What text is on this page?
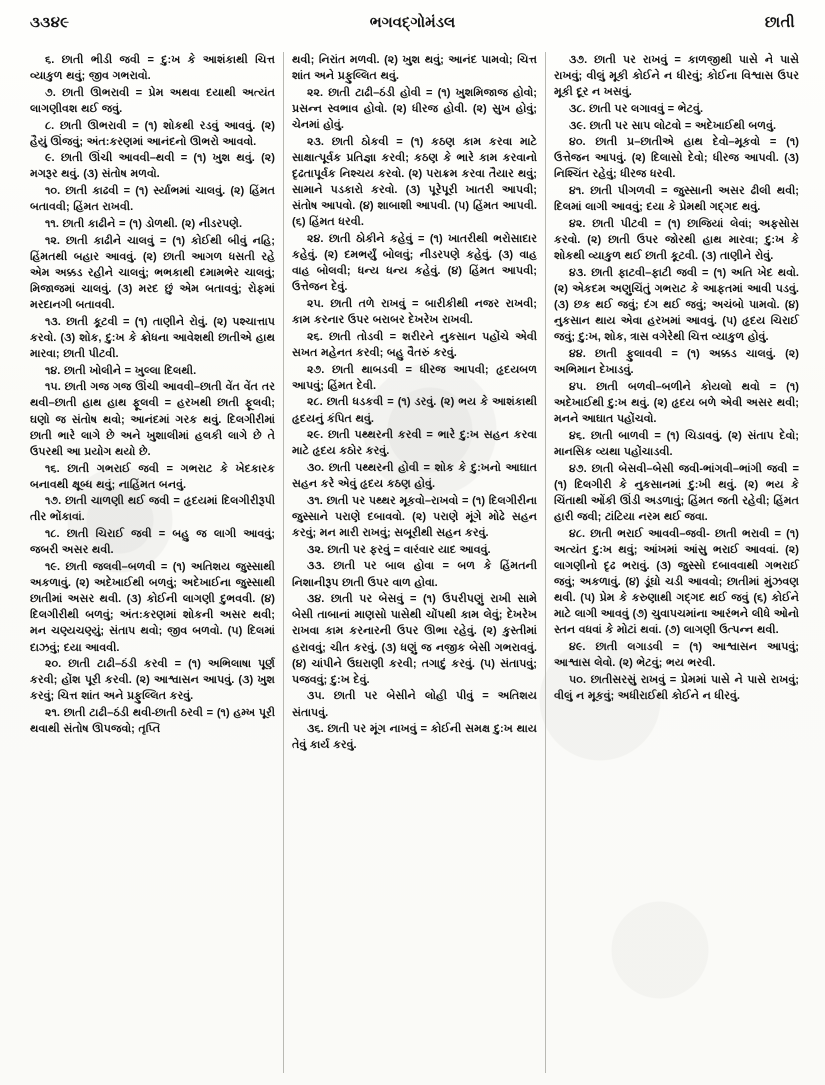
૩૩૪૯	ભગવદ્ગોમંડલ	છાતી

૬. છાતી ભીડી જવી = દુ:ખ કે આશંકાથી ચિત્ત વ્યાકુળ થવું; જીવ ગભરાવો.

૭. છાતી ઊભરાવી = પ્રેમ અથવા દયાથી અત્યંત લાગણીવશ થઈ જવું.

૮. છાતી ઊભરાવી = (૧) શોકથી રડવું આવવું. (૨) હૈયું ઊંજવું; અંત:કરણમાં આનંદનો ઊભરો આવવો.

૯. છાતી ઊંચી આવવી–થવી = (૧) ખુશ થવું. (૨) મગરૂર થવું. (૩) સંતોષ મળવો.

૧૦. છાતી કાઢવી = (૧) ર્સ્યાભમાં ચાલવું. (૨) હિંમત બતાવવી; હિંમત રાખવી.

૧૧. છાતી કાઢીને = (૧) ડોળથી. (૨) નીડરપણે.

૧૨. છાતી કાઢીને ચાલવું = (૧) કોઈથી બીવું નહિ; હિંમતથી બહાર આવવું. (૨) છાતી આગળ ધસતી રહે એમ અક્કડ રહીને ચાલવું; ભભકાથી દમામભેર ચાલવું; મિજાજમાં ચાલવું. (૩) મરદ છું એમ બતાવવું; રોફમાં મરદાનગી બતાવવી.

૧૩. છાતી કૂટવી = (૧) તાણીને રોવું. (૨) પશ્ચાત્તાપ કરવો. (૩) શોક, દુ:ખ કે ક્રોધના આવેશથી છાતીએ હાથ મારવા; છાતી પીટવી.

૧૪. છાતી ખોલીને = ખુલ્લા દિલથી.

૧૫. છાતી ગજ ગજ ઊંચી આવવી–છાતી વેંત વેંત તર થવી–છાતી હાથ હાથ ફૂલવી = હરખથી છાતી ફૂલવી; ઘણો જ સંતોષ થવો; આનંદમાં ગરક થવું. દિલગીરીમાં છાતી ભારે લાગે છે અને ખુશાલીમાં હલકી લાગે છે તે ઉપરથી આ પ્રયોગ થયો છે.

૧૬. છાતી ગભરાઈ જવી = ગભરાટ કે ખેદકારક બનાવથી ક્ષૂબ્ધ થવું; નાહિંમત બનવું.

૧૭. છાતી ચાળણી થઈ જવી = હૃદયમાં દિલગીરીરૂપી તીર ભોંકાવાં.

૧૮. છાતી ચિરાઈ જવી = બહુ જ લાગી આવવું; જબરી અસર થવી.

૧૯. છાતી જલવી–બળવી = (૧) અતિશય જુસ્સાથી અકળાવું. (૨) અદેખાઈથી બળવું; અદેખાઈના જુસ્સાથી છાતીમાં અસર થવી. (૩) કોઈની લાગણી દુભવવી. (૪) દિલગીરીથી બળવું; અંત:કરણમાં શોકની અસર થવી; મન ચણ્યચણ્યું; સંતાપ થવો; જીવ બળવો. (૫) દિલમાં દાઝવું; દયા આવવી.

૨૦. છાતી ટાઢી–ઠંડી કરવી = (૧) અભિલાષા પૂર્ણ કરવી; હોંશ પૂરી કરવી. (૨) આશ્વાસન આપવું. (૩) ખુશ કરવું; ચિત્ત શાંત અને પ્રફુલ્લિત કરવું.

૨૧. છાતી ટાઢી–ઠંડી થવી-છાતી ઠરવી = (૧) હમ્ખ પૂરી થવાથી સંતોષ ઊપજવો; તૃપ્તિ

થવી; નિરાંત મળવી. (૨) ખુશ થવું; આનંદ પામવો; ચિત્ત શાંત અને પ્રફુલ્લિત થવું.

૨૨. છાતી ટાઢી–ઠંડી હોવી = (૧) ખુશમિજાજ હોવો; પ્રસન્ન સ્વભાવ હોવો. (૨) ધીરજ હોવી. (૨) સુખ હોવું; ચેનમાં હોવું.

૨૩. છાતી ઠોકવી = (૧) કઠણ કામ કરવા માટે સાક્ષાત્પૂર્વક પ્રતિજ્ઞા કરવી; કઠણ કે ભારે કામ કરવાનો દૃઢતાપૂર્વક નિશ્ચય કરવો. (૨) પરાક્રમ કરવા તૈયાર થવું; સામાને પડકારો કરવો. (૩) પૂરેપૂરી ખાતરી આપવી; સંતોષ આપવો. (૪) શાબાશી આપવી. (૫) હિંમત આપવી. (૬) હિંમત ધરવી.

૨૪. છાતી ઠોકીને કહેવું = (૧) ખાતરીથી ભરોસાદાર કહેવું. (૨) દમભર્યું બોલવું; નીડરપણે કહેવું. (૩) વાહ વાહ બોલવી; ધન્ય ધન્ય કહેવું. (૪) હિંમત આપવી; ઉત્તેજન દેવું.

૨૫. છાતી તળે રાખવું = બારીકીથી નજર રાખવી; કામ કરનાર ઉપર બરાબર દેખરેખ રાખવી.

૨૬. છાતી તોડવી = શરીરને નુકસાન પહોંચે એવી સખત મહેનત કરવી; બહુ વૈતરું કરવું.

૨૭. છાતી થાબડવી = ધીરજ આપવી; હૃદયબળ આપવું; હિંમત દેવી.

૨૮. છાતી ધડકવી = (૧) ડરવું. (૨) ભય કે આશંકાથી હૃદયનું કંપિત થવું.

૨૯. છાતી પથ્થરની કરવી = ભારે દુ:ખ સહન કરવા માટે હૃદય કઠોર કરવું.

૩૦. છાતી પથ્થરની હોવી = શોક કે દુ:ખનો આઘાત સહન કરે એવું હૃદય કઠણ હોવું.

૩૧. છાતી પર પથ્થર મૂકવો–રાખવો = (૧) દિલગીરીના જુસ્સાને પરાણે દબાવવો. (૨) પરાણે મૂંગે મોઢે સહન કરવું; મન મારી રાખવું; સબૂરીથી સહન કરવું.

૩૨. છાતી પર ફરવું = વારંવાર યાદ આવવું.

૩૩. છાતી પર બાલ હોવા = બળ કે હિંમતની નિશાનીરૂપ છાતી ઉપર વાળ હોવા.

૩૪. છાતી પર બેસવું = (૧) ઉપરીપણું રાખી સામે બેસી તાબાનાં માણસો પાસેથી ચોંપથી કામ લેવું; દેખરેખ રાખવા કામ કરનારની ઉપર ઊભા રહેવું. (૨) કુસ્તીમાં હરાવવું; ચીત કરવું. (૩) ધણું જ નજીક બેસી ગભરાવવું. (૪) ચાંપીને ઉઘરાણી કરવી; તગાદું કરવું. (૫) સંતાપવું; પજવવું; દુ:ખ દેવું.

૩૫. છાતી પર બેસીને લોહી પીવું = અતિશય સંતાપવું.

૩૬. છાતી પર મૂંગ નાખવું = કોઈની સમક્ષ દુ:ખ થાય તેવું કાર્ય કરવું.

૩૭. છાતી પર રાખવું = કાળજીથી પાસે ને પાસે રાખવું; વીલું મૂકી કોઈને ન ધીરવું; કોઈના વિશ્વાસ ઉપર મૂકી દૂર ન ખસવું.

૩૮. છાતી પર લગાવવું = ભેટવું.

૩૯. છાતી પર સાપ લોટવો = અદેખાઈથી બળવું.

૪૦. છાતી પ્ર–છાતીએ હાથ દેવો–મૂકવો = (૧) ઉત્તેજન આપવું. (૨) દિલાસો દેવો; ધીરજ આપવી. (૩) નિશ્ચિંત રહેવું; ધીરજ ધરવી.

૪૧. છાતી પીગળવી = જુસ્સાની અસર ઢીલી થવી; દિલમાં લાગી આવવું; દયા કે પ્રેમથી ગદ્ગદ થવું.

૪૨. છાતી પીટવી = (૧) છાજિયાં લેવાં; અફસોસ કરવો. (૨) છાતી ઉપર જોરથી હાથ મારવા; દુ:ખ કે શોકથી વ્યાકુળ થઈ છાતી કૂટવી. (૩) તાણીને રોવું.

૪૩. છાતી ફાટવી–ફાટી જવી = (૧) અતિ ખેદ થવો. (૨) એકદમ અણુચિંતું ગભરાટ કે આફતમાં આવી પડવું. (૩) છક થઈ જવું; દંગ થઈ જવું; અચંબો પામવો. (૪) નુકસાન થાય એવા હરખમાં આવવું. (૫) હૃદય ચિરાઈ જવું; દુ:ખ, શોક, ત્રાસ વગેરેથી ચિત્ત વ્યાકુળ હોવું.

૪૪. છાતી ફુલાવવી = (૧) અક્કડ ચાલવું. (૨) અભિમાન દેખાડવું.

૪૫. છાતી બળવી–બળીને કોયલો થવો = (૧) અદેખાઈથી દુ:ખ થવું. (૨) હૃદય બળે એવી અસર થવી; મનને આઘાત પહોંચવો.

૪૬. છાતી બાળવી = (૧) ચિડાવવું. (૨) સંતાપ દેવો; માનસિક વ્યથા પહોંચાડવી.

૪૭. છાતી બેસવી–બેસી જવી-ભાંગવી–ભાંગી જવી = (૧) દિલગીરી કે નુકસાનમાં દુ:ખી થવું. (૨) ભય કે ચિંતાથી ઓંકી ઊંડી અડળાવું; હિંમત જતી રહેવી; હિંમત હારી જવી; ટાંટિયા નરમ થઈ જવા.

૪૮. છાતી ભરાઈ આવવી–જવી- છાતી ભરાવી = (૧) અત્યંત દુ:ખ થવું; આંખમાં આંસુ ભરાઈ આવવાં. (૨) લાગણીનો દૃઢ ભરાવું. (૩) જુસ્સો દબાવવાથી ગભરાઈ જવું; અકળાવું. (૪) ડૂંઘો ચડી આવવો; છાતીમાં મુંઝવણ થવી. (૫) પ્રેમ કે કરુણાથી ગદ્ગદ થઈ જવું (૬) કોઈને માટે લાગી આવવું (૭) ચુવાપચમાંના આરંભને લીધે ઓનો સ્તન વધવાં કે મોટાં થવાં. (૭) લાગણી ઉત્પન્ન થવી.

૪૯. છાતી લગાડવી = (૧) આશ્વાસન આપવું; આશ્વાસ લેવો. (૨) ભેટવું; ભય ભરવી.

૫૦. છાતીસરસું રાખવું = પ્રેમમાં પાસે ને પાસે રાખવું; વીલું ન મૂકવું; અધીરાઈથી કોઈને ન ધીરવું.
